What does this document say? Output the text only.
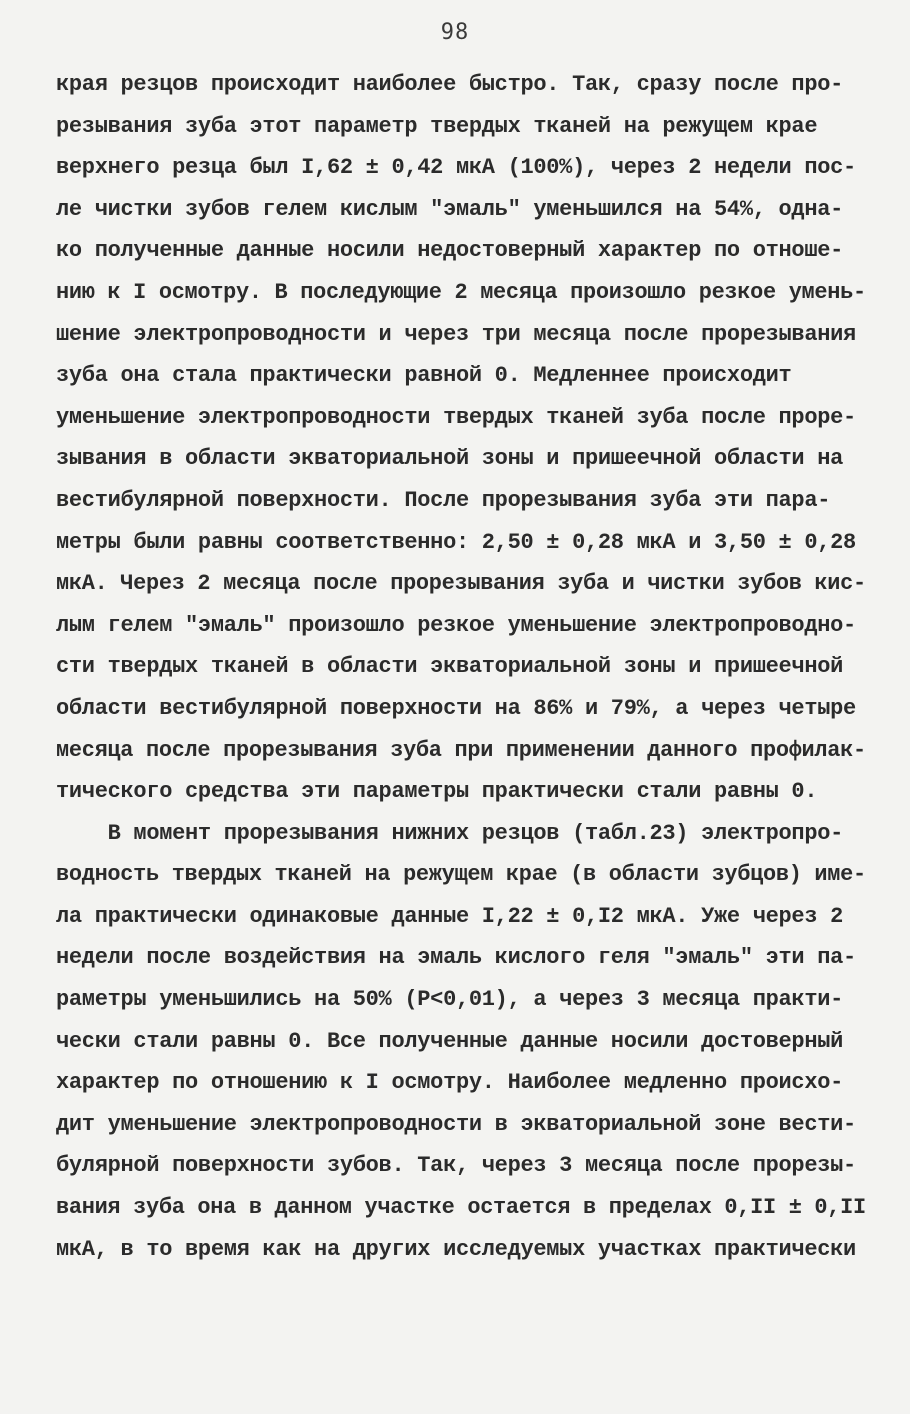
98
края резцов происходит наиболее быстро. Так, сразу после про-
резывания зуба этот параметр твердых тканей на режущем крае
верхнего резца был I,62 ± 0,42 мкА (100%), через 2 недели пос-
ле чистки зубов гелем кислым "эмаль" уменьшился на 54%, одна-
ко полученные данные носили недостоверный характер по отноше-
нию к I осмотру. В последующие 2 месяца произошло резкое умень-
шение электропроводности и через три месяца после прорезывания
зуба она стала практически равной 0. Медленнее происходит
уменьшение электропроводности твердых тканей зуба после проре-
зывания в области экваториальной зоны и пришеечной области на
вестибулярной поверхности. После прорезывания зуба эти пара-
метры были равны соответственно: 2,50 ± 0,28 мкА и 3,50 ± 0,28
мкА. Через 2 месяца после прорезывания зуба и чистки зубов кис-
лым гелем "эмаль" произошло резкое уменьшение электропроводно-
сти твердых тканей в области экваториальной зоны и пришеечной
области вестибулярной поверхности на 86% и 79%, а через четыре
месяца после прорезывания зуба при применении данного профилак-
тического средства эти параметры практически стали равны 0.
В момент прорезывания нижних резцов (табл.23) электропро-
водность твердых тканей на режущем крае (в области зубцов) име-
ла практически одинаковые данные I,22 ± 0,I2 мкА. Уже через 2
недели после воздействия на эмаль кислого геля "эмаль" эти па-
раметры уменьшились на 50% (P<0,01), а через 3 месяца практи-
чески стали равны 0. Все полученные данные носили достоверный
характер по отношению к I осмотру. Наиболее медленно происхо-
дит уменьшение электропроводности в экваториальной зоне вести-
булярной поверхности зубов. Так, через 3 месяца после прорезы-
вания зуба она в данном участке остается в пределах 0,II ± 0,II
мкА, в то время как на других исследуемых участках практически
